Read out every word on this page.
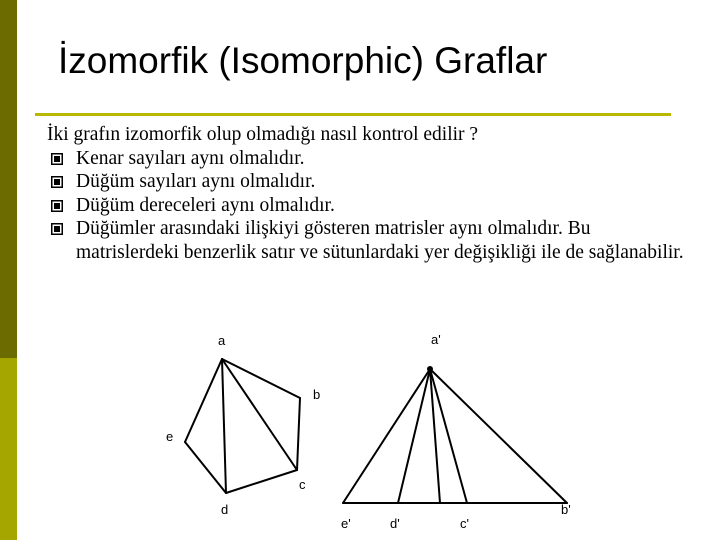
İzomorfik (Isomorphic) Graflar

İki grafın izomorfik olup olmadığı nasıl kontrol edilir ?

Kenar sayıları aynı olmalıdır.
Düğüm sayıları aynı olmalıdır.
Düğüm dereceleri aynı olmalıdır.
Düğümler arasındaki ilişkiyi gösteren matrisler aynı olmalıdır. Bu matrislerdeki benzerlik satır ve sütunlardaki yer değişikliği ile de sağlanabilir.
a
b
e
c
d
a'
b'
e'	d'	c'
